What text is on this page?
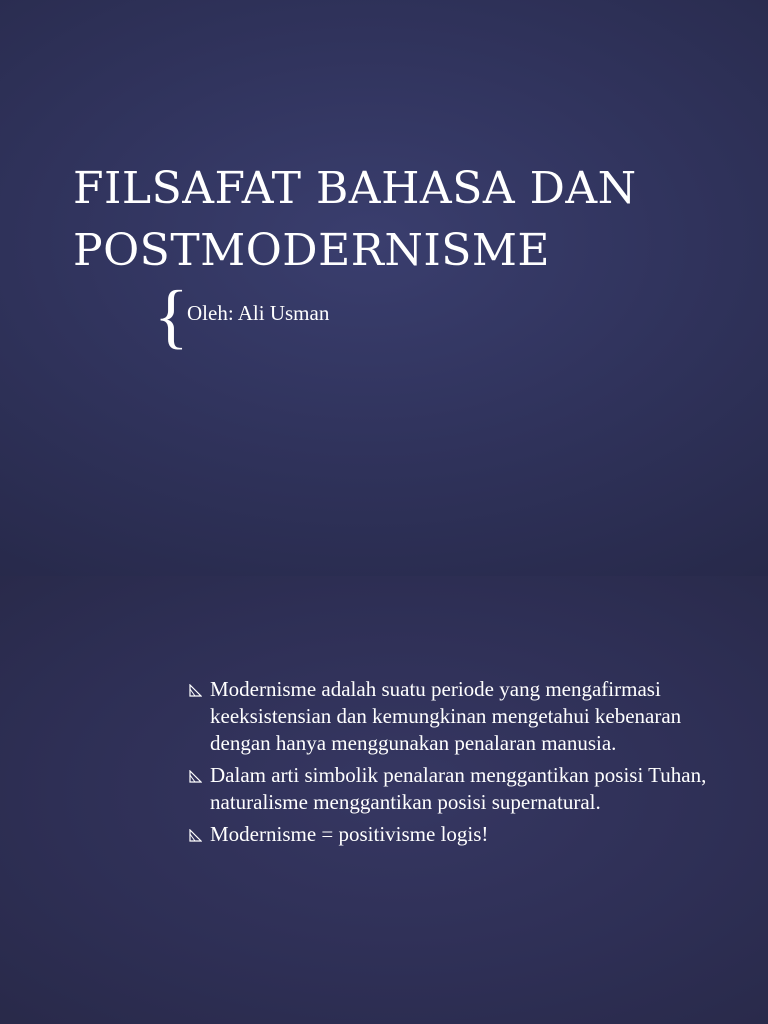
FILSAFAT BAHASA DAN
POSTMODERNISME
{
Oleh: Ali Usman
Modernisme adalah suatu periode yang mengafirmasi keeksistensian dan kemungkinan mengetahui kebenaran dengan hanya menggunakan penalaran manusia.
Dalam arti simbolik penalaran menggantikan posisi Tuhan, naturalisme menggantikan posisi supernatural.
Modernisme = positivisme logis!
